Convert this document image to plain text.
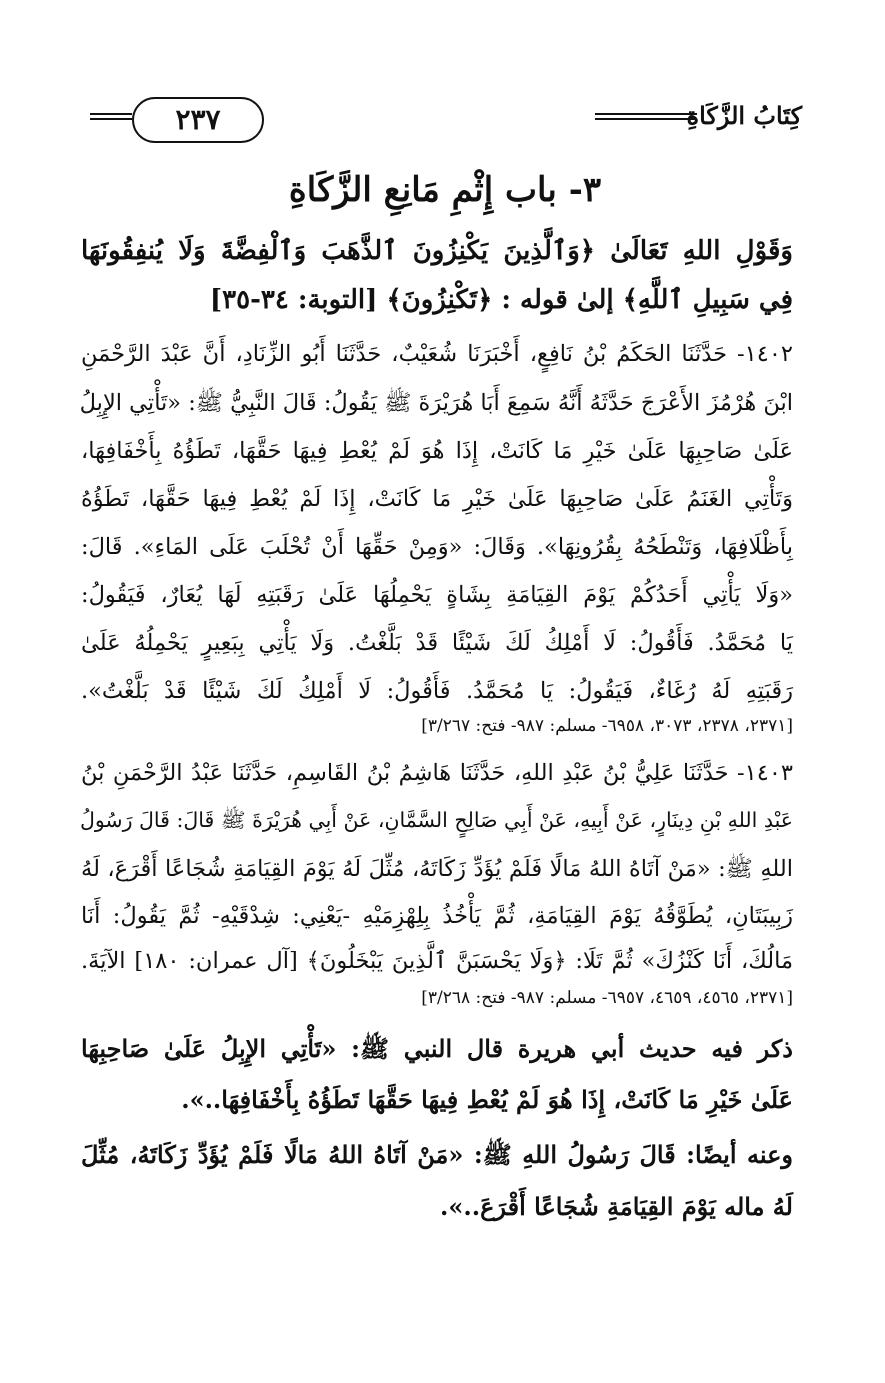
كِتَابُ الزَّكَاةِ
٢٣٧
٣- باب إِثْمِ مَانِعِ الزَّكَاةِ
وَقَوْلِ اللهِ تَعَالَىٰ ﴿وَٱلَّذِينَ يَكْنِزُونَ ٱلذَّهَبَ وَٱلْفِضَّةَ وَلَا يُنفِقُونَهَا
فِي سَبِيلِ ٱللَّهِ﴾ إلىٰ قوله : ﴿تَكْنِزُونَ﴾ [التوبة: ٣٤-٣٥]
١٤٠٢- حَدَّثَنَا الحَكَمُ بْنُ نَافِعٍ، أَخْبَرَنَا شُعَيْبٌ، حَدَّثَنَا أَبُو الزِّنَادِ، أَنَّ عَبْدَ الرَّحْمَنِ
ابْنَ هُرْمُزَ الأَعْرَجَ حَدَّثَهُ أَنَّهُ سَمِعَ أَبَا هُرَيْرَةَ ﷺ يَقُولُ: قَالَ النَّبِيُّ ﷺ: «تَأْتِي الإِبِلُ
عَلَىٰ صَاحِبِهَا عَلَىٰ خَيْرِ مَا كَانَتْ، إِذَا هُوَ لَمْ يُعْطِ فِيهَا حَقَّهَا، تَطَؤُهُ بِأَخْفَافِهَا،
وَتَأْتِي الغَنَمُ عَلَىٰ صَاحِبِهَا عَلَىٰ خَيْرِ مَا كَانَتْ، إِذَا لَمْ يُعْطِ فِيهَا حَقَّهَا، تَطَؤُهُ
بِأَظْلَافِهَا، وَتَنْطَحُهُ بِقُرُونِهَا». وَقَالَ: «وَمِنْ حَقِّهَا أَنْ تُحْلَبَ عَلَى المَاءِ». قَالَ:
«وَلَا يَأْتِي أَحَدُكُمْ يَوْمَ القِيَامَةِ بِشَاةٍ يَحْمِلُهَا عَلَىٰ رَقَبَتِهِ لَهَا يُعَارٌ، فَيَقُولُ:
يَا مُحَمَّدُ. فَأَقُولُ: لَا أَمْلِكُ لَكَ شَيْئًا قَدْ بَلَّغْتُ. وَلَا يَأْتِي بِبَعِيرٍ يَحْمِلُهُ عَلَىٰ
رَقَبَتِهِ لَهُ رُغَاءٌ، فَيَقُولُ: يَا مُحَمَّدُ. فَأَقُولُ: لَا أَمْلِكُ لَكَ شَيْئًا قَدْ بَلَّغْتُ».
[٢٣٧١، ٢٣٧٨، ٣٠٧٣، ٦٩٥٨- مسلم: ٩٨٧- فتح: ٣/٢٦٧]
١٤٠٣- حَدَّثَنَا عَلِيُّ بْنُ عَبْدِ اللهِ، حَدَّثَنَا هَاشِمُ بْنُ القَاسِمِ، حَدَّثَنَا عَبْدُ الرَّحْمَنِ بْنُ
عَبْدِ اللهِ بْنِ دِينَارٍ، عَنْ أَبِيهِ، عَنْ أَبِي صَالِحٍ السَّمَّانِ، عَنْ أَبِي هُرَيْرَةَ ﷺ قَالَ: قَالَ رَسُولُ
اللهِ ﷺ: «مَنْ آتَاهُ اللهُ مَالًا فَلَمْ يُؤَدِّ زَكَاتَهُ، مُثِّلَ لَهُ يَوْمَ القِيَامَةِ شُجَاعًا أَقْرَعَ، لَهُ
زَبِيبَتَانِ، يُطَوَّقُهُ يَوْمَ القِيَامَةِ، ثُمَّ يَأْخُذُ بِلِهْزِمَيْهِ -يَعْنِي: شِدْقَيْهِ- ثُمَّ يَقُولُ: أَنَا
مَالُكَ، أَنَا كَنْزُكَ» ثُمَّ تَلَا: ﴿وَلَا يَحْسَبَنَّ ٱلَّذِينَ يَبْخَلُونَ﴾ [آل عمران: ١٨٠] الآيَةَ.
[٢٣٧١، ٤٥٦٥، ٤٦٥٩، ٦٩٥٧- مسلم: ٩٨٧- فتح: ٣/٢٦٨]
ذكر فيه حديث أبي هريرة قال النبي ﷺ: «تَأْتِي الإِبِلُ عَلَىٰ صَاحِبِهَا
عَلَىٰ خَيْرِ مَا كَانَتْ، إِذَا هُوَ لَمْ يُعْطِ فِيهَا حَقَّهَا تَطَؤُهُ بِأَخْفَافِهَا..».
وعنه أيضًا: قَالَ رَسُولُ اللهِ ﷺ: «مَنْ آتَاهُ اللهُ مَالًا فَلَمْ يُؤَدِّ زَكَاتَهُ، مُثِّلَ
لَهُ ماله يَوْمَ القِيَامَةِ شُجَاعًا أَقْرَعَ..».
